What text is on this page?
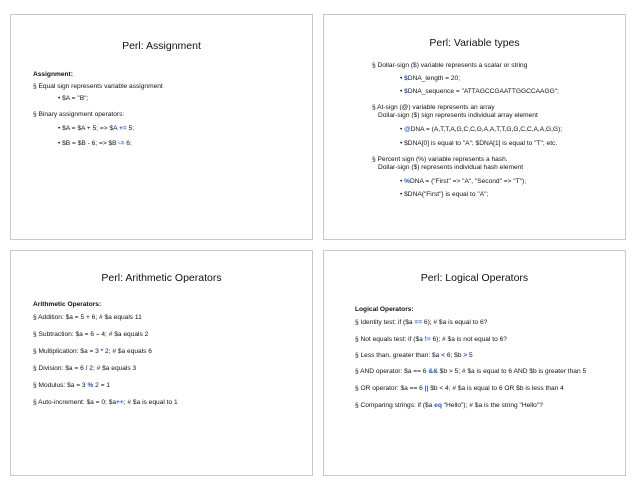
Perl: Assignment
Assignment:
§ Equal sign represents variable assignment
• $A = "B";
§ Binary assignment operators:
• $A = $A + 5; => $A += 5;
• $B = $B - 6; => $B -= 6;
Perl: Variable types
§ Dollar-sign ($) variable represents a scalar or string
• $DNA_length = 20;
• $DNA_sequence = "ATTAGCCGAATTGGCCAAGG";
§ At-sign (@) variable represents an array
Dollar-sign ($) sign represents individual array element
• @DNA = (A,T,T,A,G,C,C,G,A,A,T,T,G,G,C,C,A,A,G,G);
• $DNA[0] is equal to "A"; $DNA[1] is equal to "T"; etc.
§ Percent sign (%) variable represents a hash.
Dollar-sign ($) represents individual hash element
• %DNA = ("First" => "A", "Second" => "T");
• $DNA{"First"} is equal to "A";
Perl: Arithmetic Operators
Arithmetic Operators:
§ Addition: $a = 5 + 6; # $a equals 11
§ Subtraction: $a = 6 – 4; # $a equals 2
§ Multiplication: $a = 3 * 2; # $a equals 6
§ Division: $a = 6 / 2; # $a equals 3
§ Modulus: $a = 3 % 2 = 1
§ Auto-increment: $a = 0; $a++; # $a is equal to 1
Perl: Logical Operators
Logical Operators:
§ Identity test: if ($a == 6); # $a is equal to 6?
§ Not equals test: if ($a != 6); # $a is not equal to 6?
§ Less than, greater than: $a < 6; $b > 5
§ AND operator: $a == 6 && $b > 5; # $a is equal to 6 AND $b is greater than 5
§ OR operator: $a == 6 || $b < 4; # $a is equal to 6 OR $b is less than 4
§ Comparing strings: if ($a eq "Hello"); # $a is the string "Hello"?
